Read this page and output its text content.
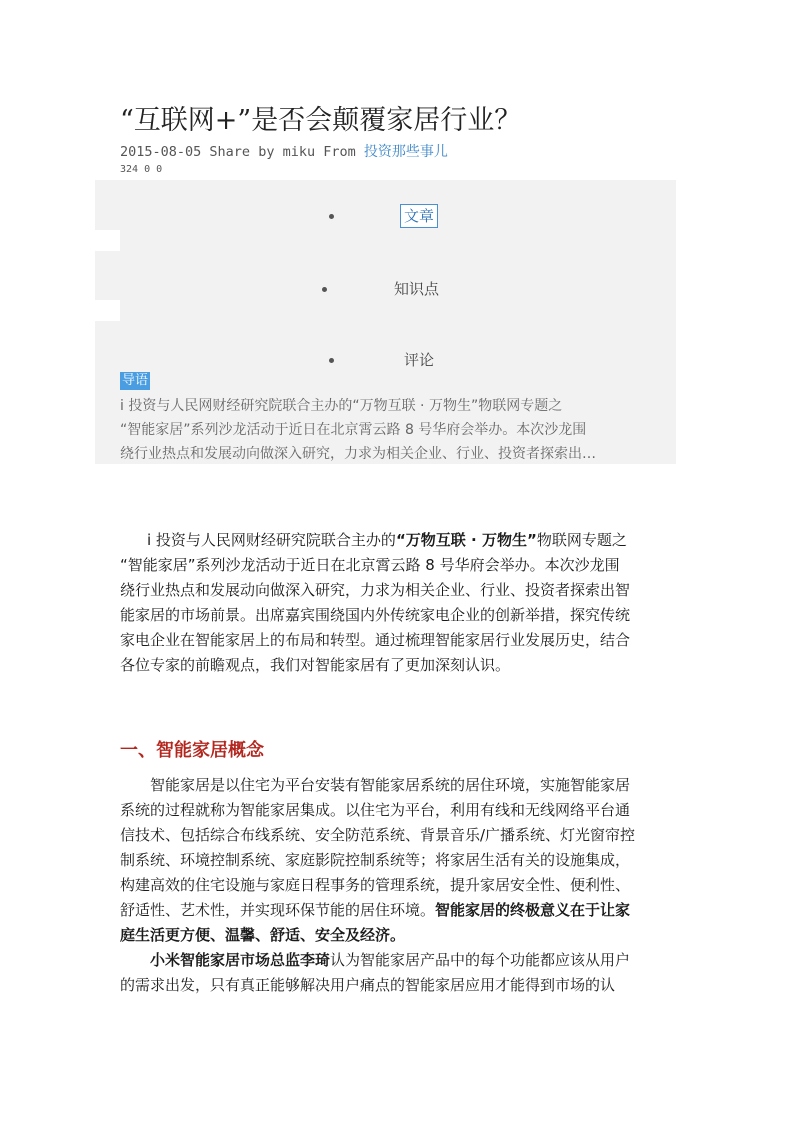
“互联网+”是否会颠覆家居行业？
2015-08-05 Share by miku From 投资那些事儿
324 0 0
文章
知识点
评论
导语
i 投资与人民网财经研究院联合主办的“万物互联 · 万物生”物联网专题之
“智能家居”系列沙龙活动于近日在北京霄云路 8 号华府会举办。本次沙龙围
绕行业热点和发展动向做深入研究，力求为相关企业、行业、投资者探索出…
i 投资与人民网财经研究院联合主办的“万物互联 · 万物生”物联网专题之
“智能家居”系列沙龙活动于近日在北京霄云路 8 号华府会举办。本次沙龙围
绕行业热点和发展动向做深入研究，力求为相关企业、行业、投资者探索出智
能家居的市场前景。出席嘉宾围绕国内外传统家电企业的创新举措，探究传统
家电企业在智能家居上的布局和转型。通过梳理智能家居行业发展历史，结合
各位专家的前瞻观点，我们对智能家居有了更加深刻认识。
一、智能家居概念
智能家居是以住宅为平台安装有智能家居系统的居住环境，实施智能家居
系统的过程就称为智能家居集成。以住宅为平台，利用有线和无线网络平台通
信技术、包括综合布线系统、安全防范系统、背景音乐/广播系统、灯光窗帘控
制系统、环境控制系统、家庭影院控制系统等；将家居生活有关的设施集成，
构建高效的住宅设施与家庭日程事务的管理系统，提升家居安全性、便利性、
舒适性、艺术性，并实现环保节能的居住环境。智能家居的终极意义在于让家
庭生活更方便、温馨、舒适、安全及经济。
小米智能家居市场总监李琦认为智能家居产品中的每个功能都应该从用户
的需求出发，只有真正能够解决用户痛点的智能家居应用才能得到市场的认
